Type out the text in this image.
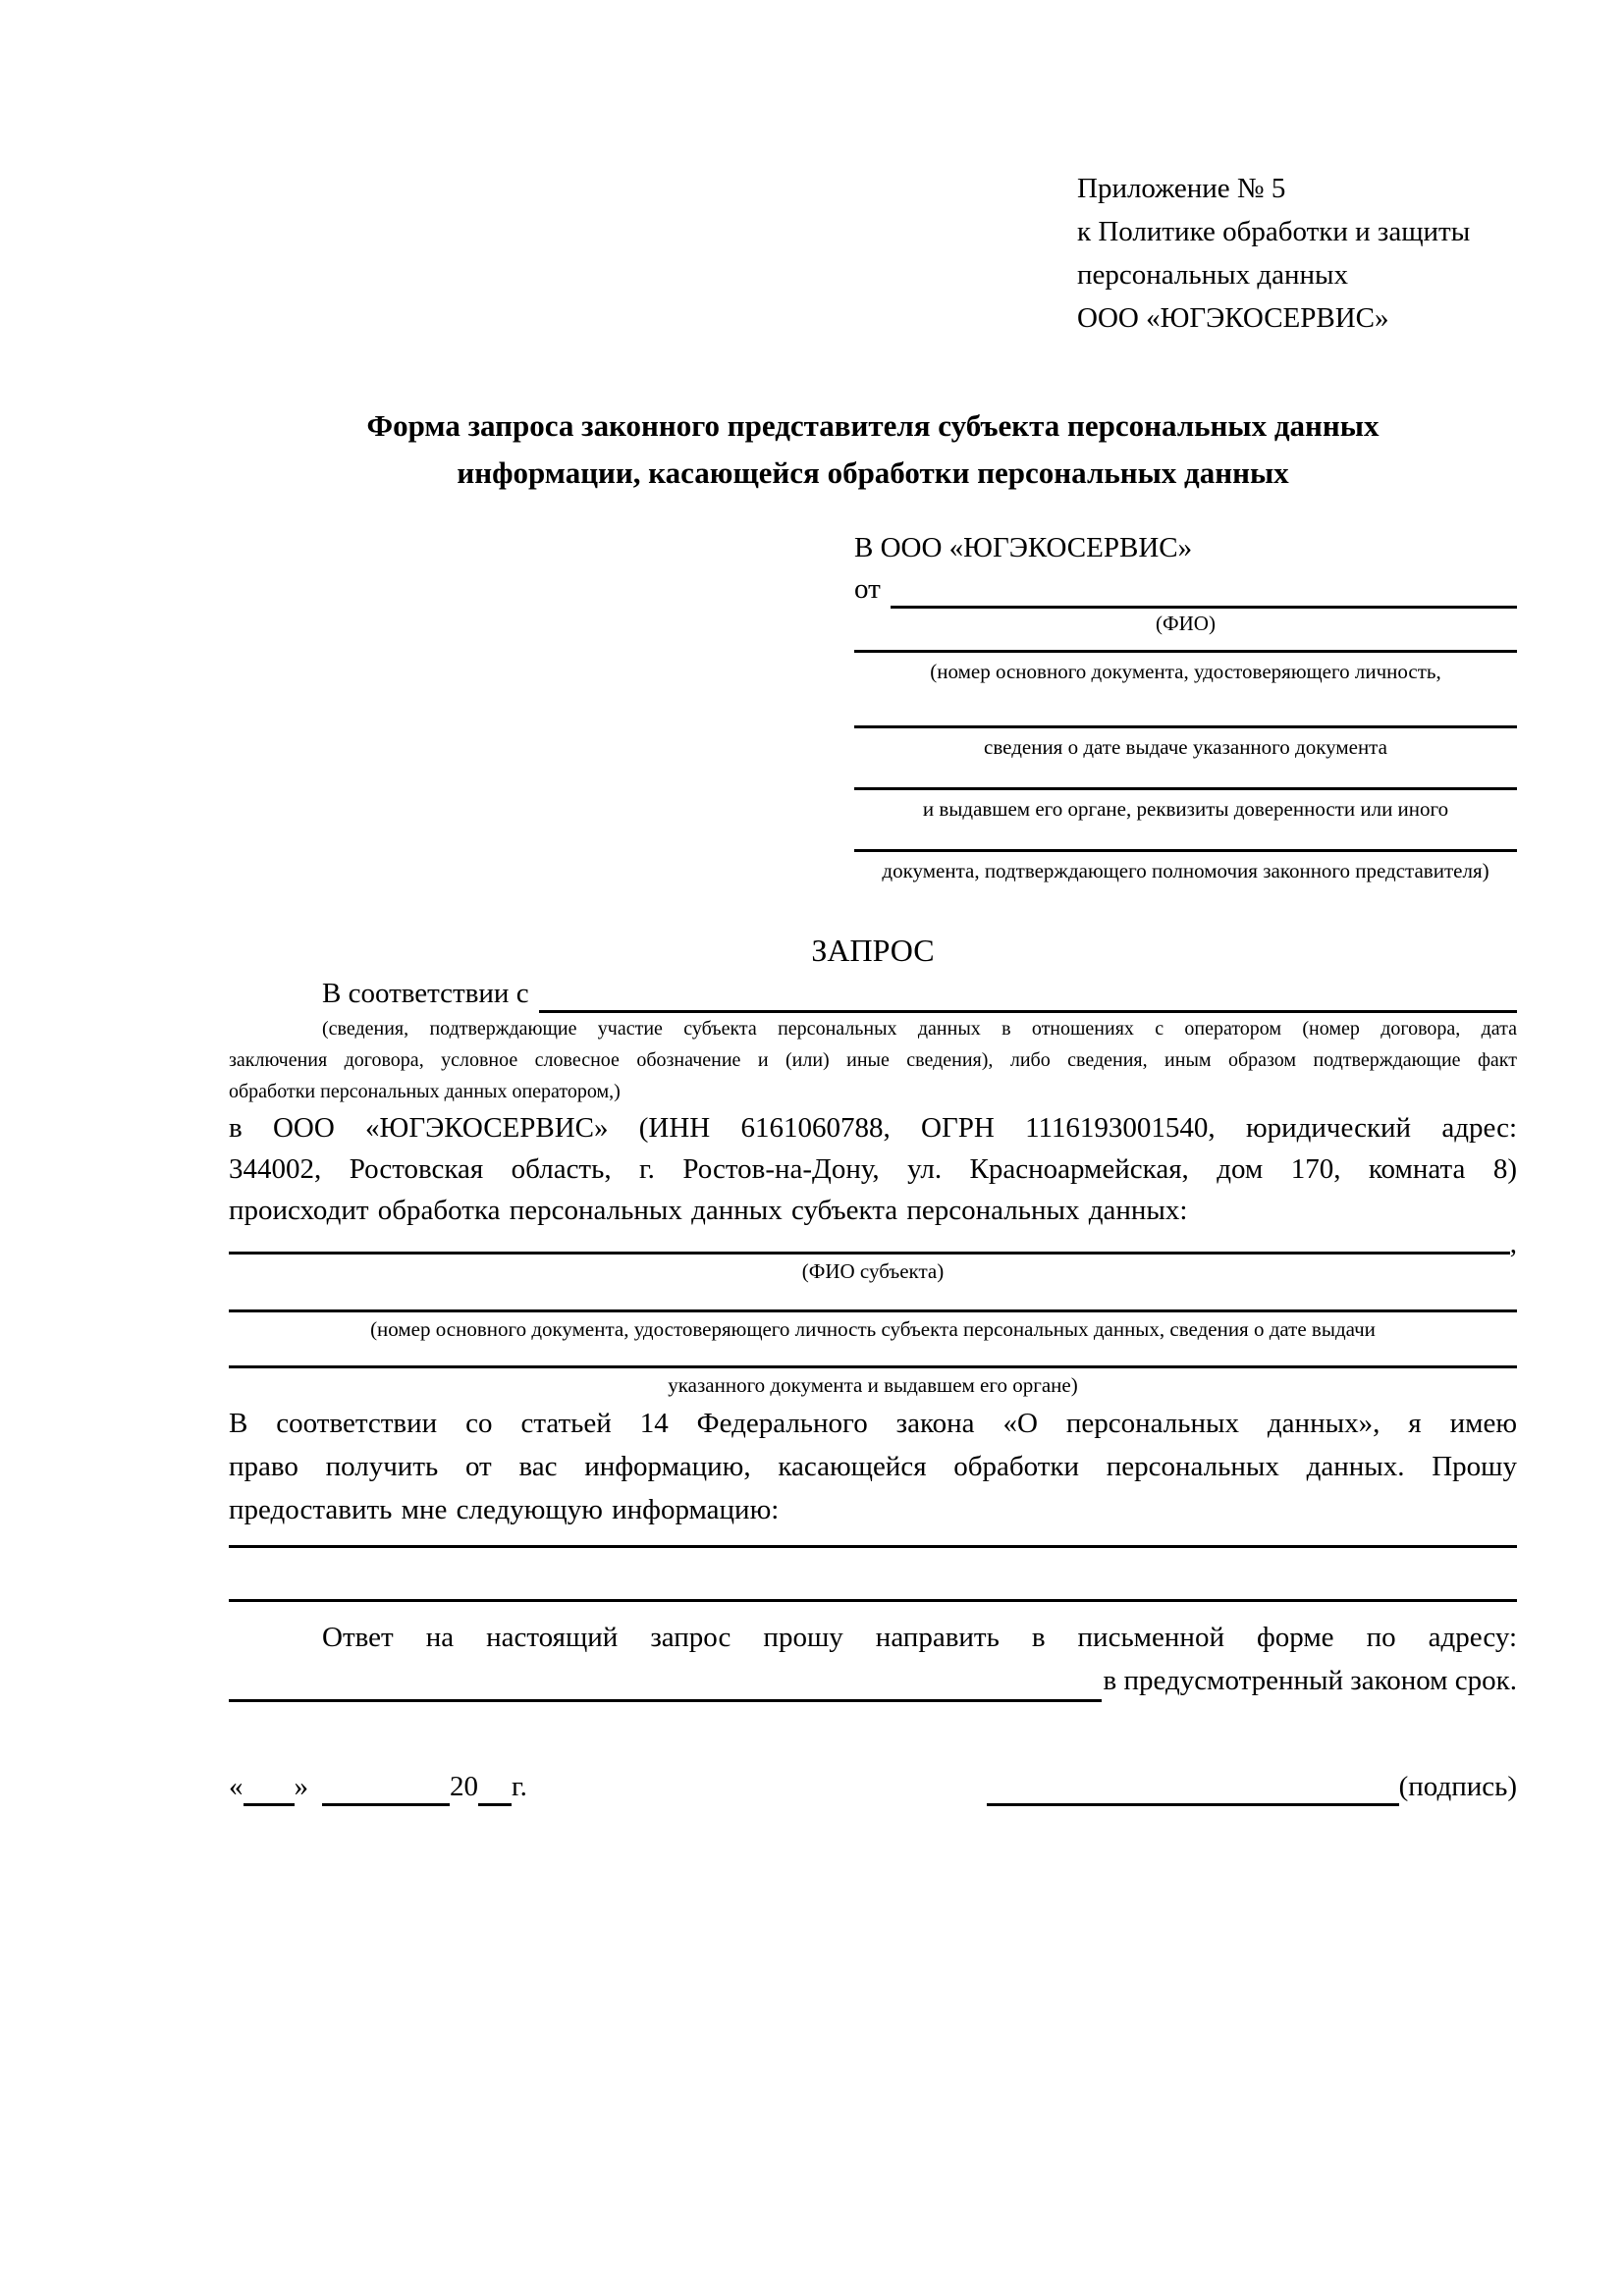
Приложение № 5
к Политике обработки и защиты
персональных данных
ООО «ЮГЭКОСЕРВИС»
Форма запроса законного представителя субъекта персональных данных
информации, касающейся обработки персональных данных
В ООО «ЮГЭКОСЕРВИС»
от
(ФИО)
(номер основного документа, удостоверяющего личность,
сведения о дате выдаче указанного документа
и выдавшем его органе, реквизиты доверенности или иного
документа, подтверждающего полномочия законного представителя)
ЗАПРОС
В соответствии с
(сведения, подтверждающие участие субъекта персональных данных в отношениях с оператором (номер договора, дата
заключения договора, условное словесное обозначение и (или) иные сведения), либо сведения, иным образом подтверждающие факт
обработки персональных данных оператором,)
в ООО «ЮГЭКОСЕРВИС» (ИНН 6161060788, ОГРН 1116193001540, юридический адрес:
344002, Ростовская область, г. Ростов-на-Дону, ул. Красноармейская, дом 170, комната 8)
происходит обработка персональных данных субъекта персональных данных:
,
(ФИО субъекта)
(номер основного документа, удостоверяющего личность субъекта персональных данных, сведения о дате выдачи
указанного документа и выдавшем его органе)
В соответствии со статьей 14 Федерального закона «О персональных данных», я имею
право получить от вас информацию, касающейся обработки персональных данных. Прошу
предоставить мне следующую информацию:
Ответ на настоящий запрос прошу направить в письменной форме по адресу:
в предусмотренный законом срок.
« »	20 г.	(подпись)
